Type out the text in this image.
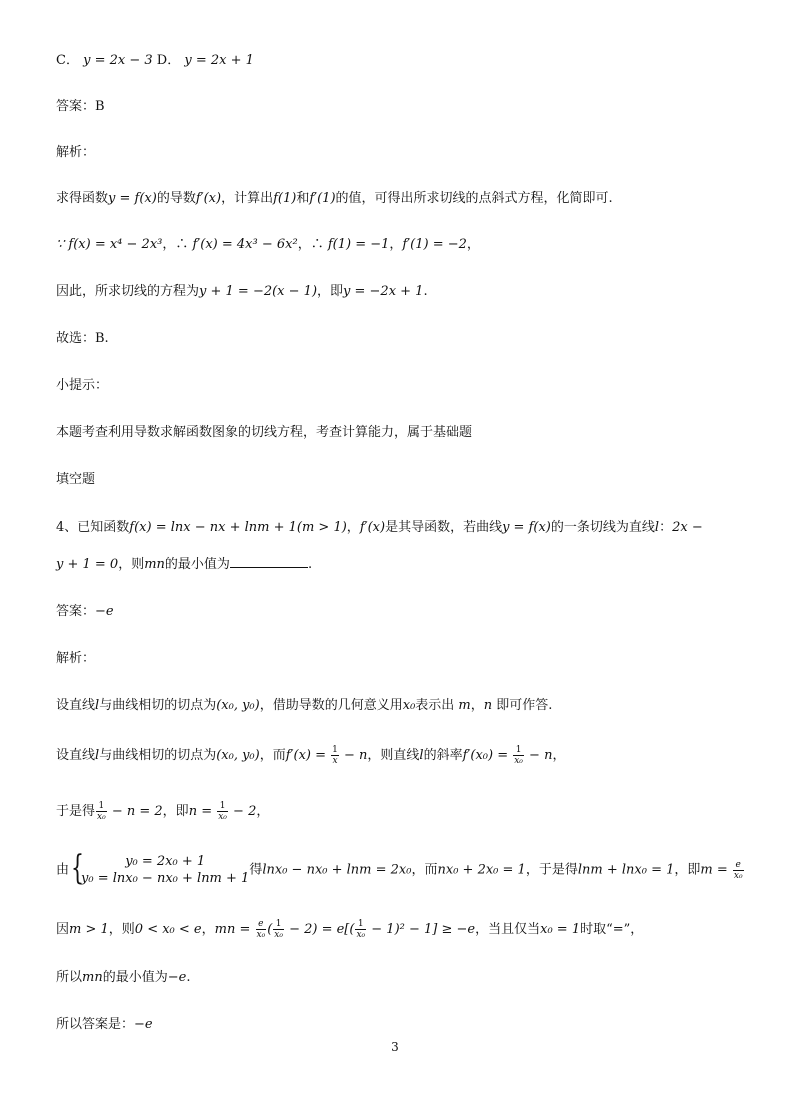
C． y = 2x − 3 D． y = 2x + 1
答案：B
解析：
求得函数y = f(x)的导数f′(x)，计算出f(1)和f′(1)的值，可得出所求切线的点斜式方程，化简即可.
∵ f(x) = x⁴ − 2x³，∴ f′(x) = 4x³ − 6x²，∴ f(1) = −1，f′(1) = −2，
因此，所求切线的方程为y + 1 = −2(x − 1)，即y = −2x + 1.
故选：B.
小提示：
本题考查利用导数求解函数图象的切线方程，考查计算能力，属于基础题
填空题
4、已知函数f(x) = lnx − nx + lnm + 1(m > 1)，f′(x)是其导函数，若曲线y = f(x)的一条切线为直线l：2x −
y + 1 = 0，则mn的最小值为	.
答案：−e
解析：
设直线l与曲线相切的切点为(x₀, y₀)，借助导数的几何意义用x₀表示出 m，n 即可作答.
设直线l与曲线相切的切点为(x₀, y₀)，而$f'(x) = \frac{1}{x} - n$，则直线l的斜率$f'(x_0) = \frac{1}{\text{x₀}} - n$，
于是得 $\frac{1}{\text{x₀}} - n = 2$，即$n = \frac{1}{\text{x₀}} - 2$，
由 {	y₀ = 2x₀ + 1
y₀ = lnx₀ − nx₀ + lnm + 1
得lnx₀ − nx₀ + lnm = 2x₀，而nx₀ + 2x₀ = 1，于是得lnm + lnx₀ = 1，即$m = \frac{e}{\text{x₀}}$
因m > 1，则0 < x₀ < e，mn = $\frac{e}{\text{x₀}}$ ( $\frac{1}{\text{x₀}} - 2) = e[( \frac{1}{\text{x₀}} - 1)^2 - 1] \ge -e$，当且仅当x₀ = 1时取“=”，
所以mn的最小值为−e.
所以答案是：−e
3
